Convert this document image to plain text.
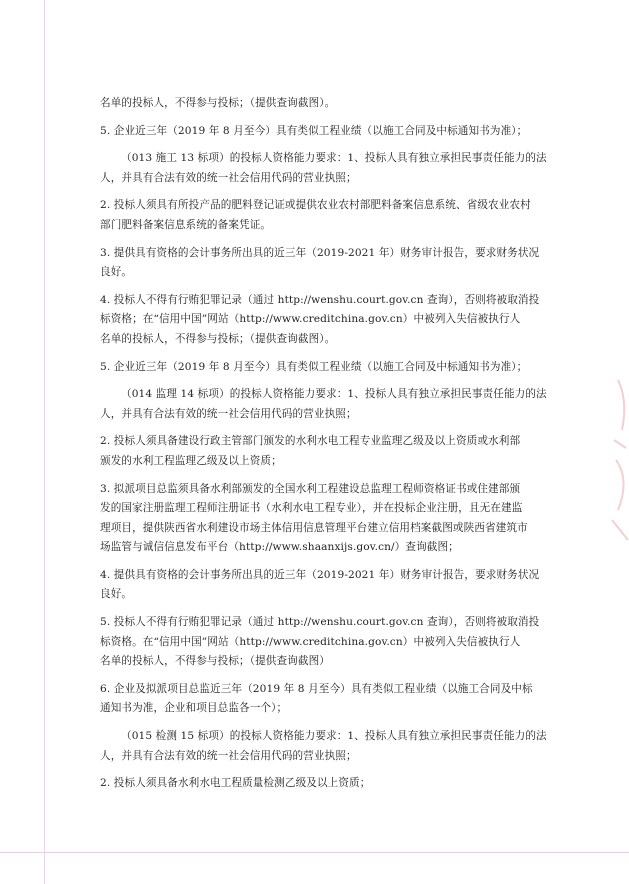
名单的投标人，不得参与投标；（提供查询截图）。
5. 企业近三年（2019 年 8 月至今）具有类似工程业绩（以施工合同及中标通知书为准）；
（013 施工 13 标项）的投标人资格能力要求：1、投标人具有独立承担民事责任能力的法
人，并具有合法有效的统一社会信用代码的营业执照；
2. 投标人须具有所投产品的肥料登记证或提供农业农村部肥料备案信息系统、省级农业农村
部门肥料备案信息系统的备案凭证。
3. 提供具有资格的会计事务所出具的近三年（2019-2021 年）财务审计报告，要求财务状况
良好。
4. 投标人不得有行贿犯罪记录（通过 http://wenshu.court.gov.cn 查询），否则将被取消投
标资格；在“信用中国”网站（http://www.creditchina.gov.cn）中被列入失信被执行人
名单的投标人，不得参与投标；（提供查询截图）。
5. 企业近三年（2019 年 8 月至今）具有类似工程业绩（以施工合同及中标通知书为准）；
（014 监理 14 标项）的投标人资格能力要求：1、投标人具有独立承担民事责任能力的法
人，并具有合法有效的统一社会信用代码的营业执照；
2. 投标人须具备建设行政主管部门颁发的水利水电工程专业监理乙级及以上资质或水利部
颁发的水利工程监理乙级及以上资质；
3. 拟派项目总监须具备水利部颁发的全国水利工程建设总监理工程师资格证书或住建部颁
发的国家注册监理工程师注册证书（水利水电工程专业），并在投标企业注册，且无在建监
理项目，提供陕西省水利建设市场主体信用信息管理平台建立信用档案截图或陕西省建筑市
场监管与诚信信息发布平台（http://www.shaanxijs.gov.cn/）查询截图；
4. 提供具有资格的会计事务所出具的近三年（2019-2021 年）财务审计报告，要求财务状况
良好。
5. 投标人不得有行贿犯罪记录（通过 http://wenshu.court.gov.cn 查询），否则将被取消投
标资格。在“信用中国”网站（http://www.creditchina.gov.cn）中被列入失信被执行人
名单的投标人，不得参与投标；（提供查询截图）
6. 企业及拟派项目总监近三年（2019 年 8 月至今）具有类似工程业绩（以施工合同及中标
通知书为准，企业和项目总监各一个）；
（015 检测 15 标项）的投标人资格能力要求：1、投标人具有独立承担民事责任能力的法
人，并具有合法有效的统一社会信用代码的营业执照；
2. 投标人须具备水利水电工程质量检测乙级及以上资质；
